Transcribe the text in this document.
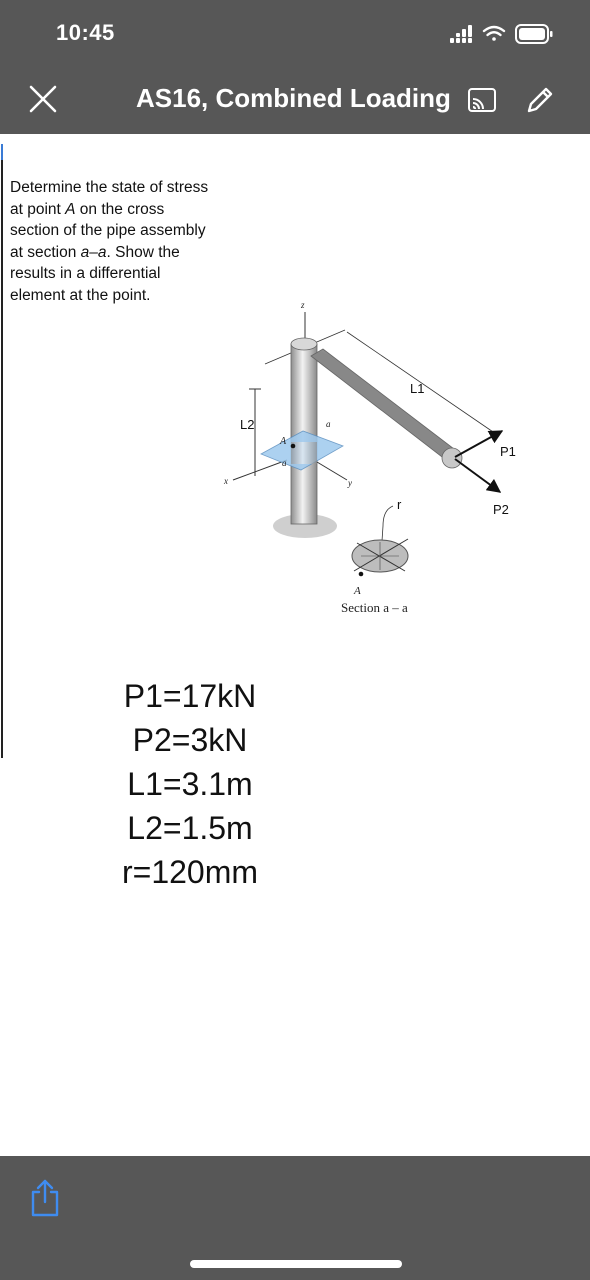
10:45
AS16, Combined Loading
Determine the state of stress at point A on the cross section of the pipe assembly at section a–a. Show the results in a differential element at the point.
z
L2
x
L1
a
a
A
y
P1
P2
r
A
Section a – a
P1=17kN
P2=3kN
L1=3.1m
L2=1.5m
r=120mm
